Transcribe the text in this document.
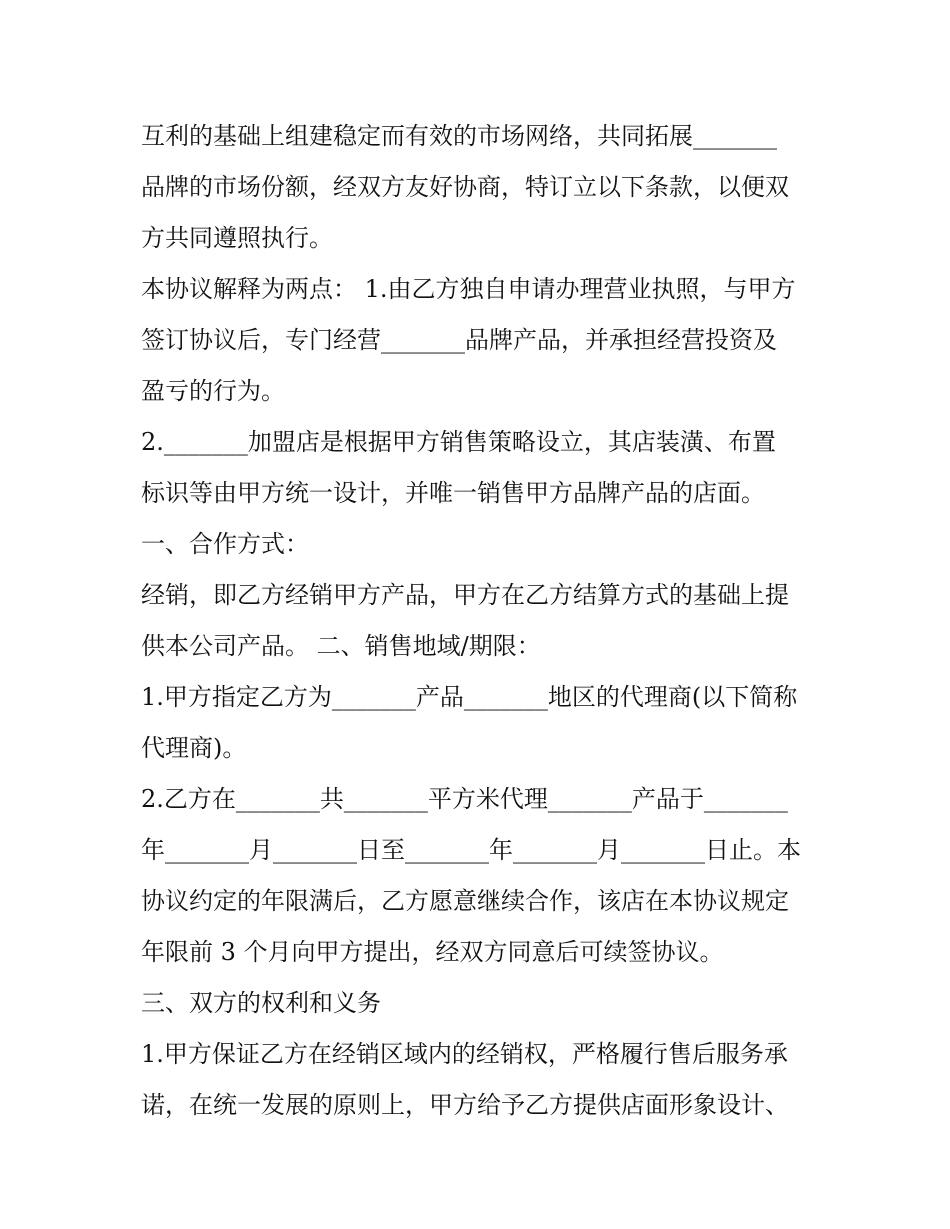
互利的基础上组建稳定而有效的市场网络，共同拓展_______
品牌的市场份额，经双方友好协商，特订立以下条款，以便双
方共同遵照执行。
本协议解释为两点： 1.由乙方独自申请办理营业执照，与甲方
签订协议后，专门经营_______品牌产品，并承担经营投资及
盈亏的行为。
2._______加盟店是根据甲方销售策略设立，其店装潢、布置
标识等由甲方统一设计，并唯一销售甲方品牌产品的店面。
一、合作方式：
经销，即乙方经销甲方产品，甲方在乙方结算方式的基础上提
供本公司产品。 二、销售地域/期限：
1.甲方指定乙方为_______产品_______地区的代理商(以下简称
代理商)。
2.乙方在_______共_______平方米代理_______产品于_______
年_______月_______日至_______年_______月_______日止。本
协议约定的年限满后，乙方愿意继续合作，该店在本协议规定
年限前 3 个月向甲方提出，经双方同意后可续签协议。
三、双方的权利和义务
1.甲方保证乙方在经销区域内的经销权，严格履行售后服务承
诺，在统一发展的原则上，甲方给予乙方提供店面形象设计、
